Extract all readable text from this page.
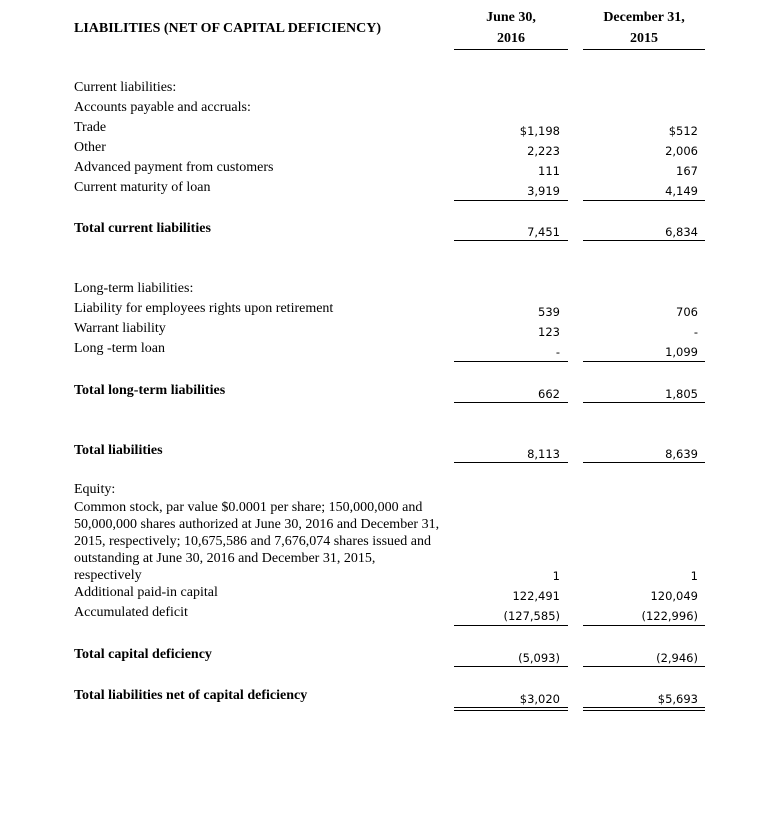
LIABILITIES (NET OF CAPITAL DEFICIENCY)
June 30,
2016
December 31,
2015
Current liabilities:
Accounts payable and accruals:
Trade	$1,198	$512
Other	2,223	2,006
Advanced payment from customers	111	167
Current maturity of loan	3,919	4,149
Total current liabilities	7,451	6,834
Long-term liabilities:
Liability for employees rights upon retirement	539	706
Warrant liability	123	-
Long -term loan	-	1,099
Total long-term liabilities	662	1,805
Total liabilities	8,113	8,639
Equity:
Common stock, par value $0.0001 per share; 150,000,000 and 50,000,000 shares authorized at June 30, 2016 and December 31, 2015, respectively; 10,675,586 and 7,676,074 shares issued and outstanding at June 30, 2016 and December 31, 2015, respectively	1	1
Additional paid-in capital	122,491	120,049
Accumulated deficit	(127,585)	(122,996)
Total capital deficiency	(5,093)	(2,946)
Total liabilities net of capital deficiency	$3,020	$5,693
